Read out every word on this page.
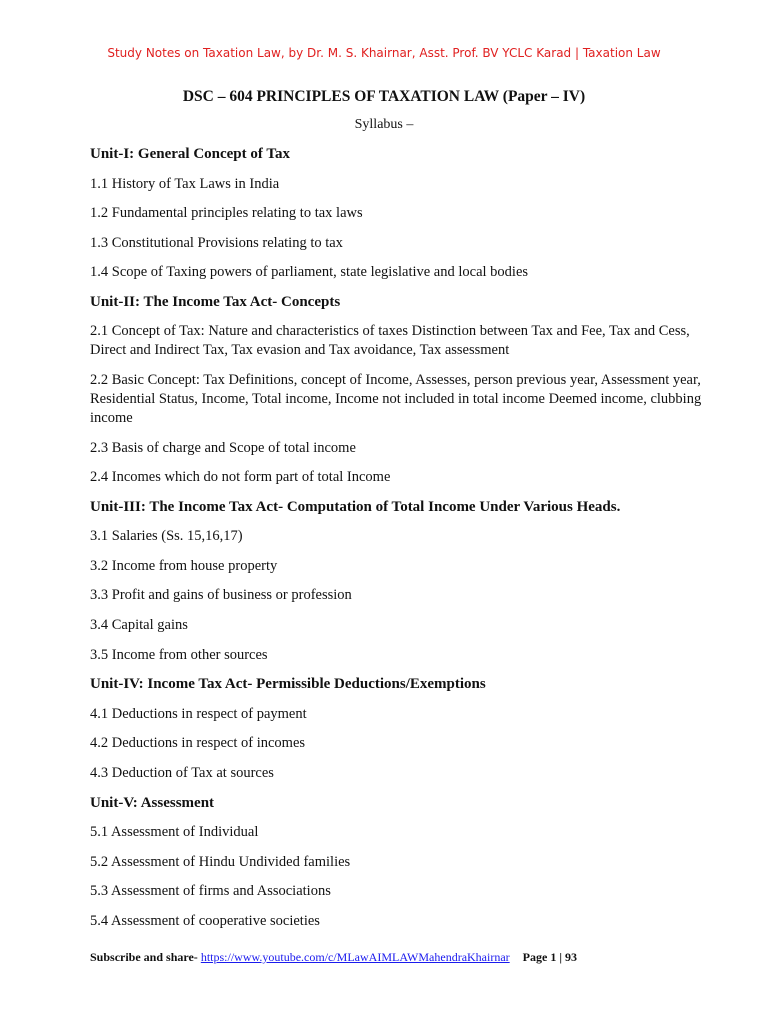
Study Notes on Taxation Law, by Dr. M. S. Khairnar, Asst. Prof. BV YCLC Karad | Taxation Law
DSC – 604 PRINCIPLES OF TAXATION LAW (Paper – IV)
Syllabus –
Unit-I: General Concept of Tax
1.1 History of Tax Laws in India
1.2 Fundamental principles relating to tax laws
1.3 Constitutional Provisions relating to tax
1.4 Scope of Taxing powers of parliament, state legislative and local bodies
Unit-II: The Income Tax Act- Concepts
2.1 Concept of Tax: Nature and characteristics of taxes Distinction between Tax and Fee, Tax and Cess, Direct and Indirect Tax, Tax evasion and Tax avoidance, Tax assessment
2.2 Basic Concept: Tax Definitions, concept of Income, Assesses, person previous year, Assessment year, Residential Status, Income, Total income, Income not included in total income Deemed income, clubbing income
2.3 Basis of charge and Scope of total income
2.4 Incomes which do not form part of total Income
Unit-III: The Income Tax Act- Computation of Total Income Under Various Heads.
3.1 Salaries (Ss. 15,16,17)
3.2 Income from house property
3.3 Profit and gains of business or profession
3.4 Capital gains
3.5 Income from other sources
Unit-IV: Income Tax Act- Permissible Deductions/Exemptions
4.1 Deductions in respect of payment
4.2 Deductions in respect of incomes
4.3 Deduction of Tax at sources
Unit-V: Assessment
5.1 Assessment of Individual
5.2 Assessment of Hindu Undivided families
5.3 Assessment of firms and Associations
5.4 Assessment of cooperative societies
Subscribe and share- https://www.youtube.com/c/MLawAIMLAWMahendraKhairnar Page 1 | 93
